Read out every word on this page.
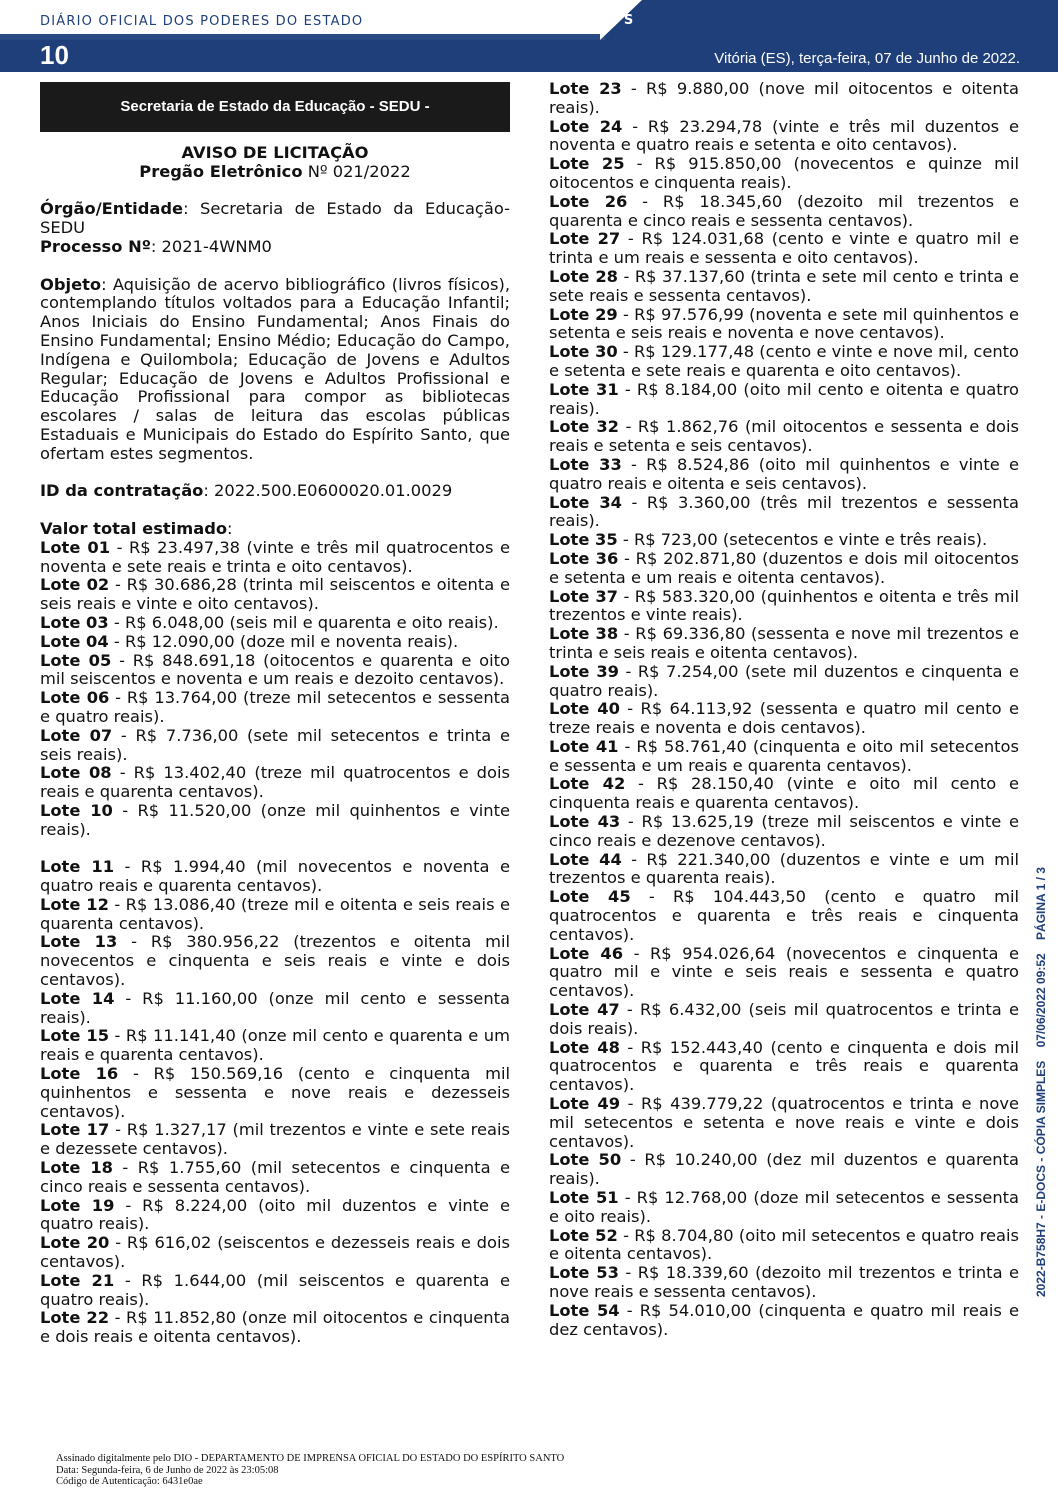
DIÁRIO OFICIAL DOS PODERES DO ESTADO	LICITAÇÕES
10	Vitória (ES), terça-feira, 07 de Junho de 2022.
Secretaria de Estado da Educação - SEDU -

AVISO DE LICITAÇÃO

Pregão Eletrônico Nº 021/2022

Órgão/Entidade: Secretaria de Estado da Educação-SEDU

Processo Nº: 2021-4WNM0

Objeto: Aquisição de acervo bibliográfico (livros físicos), contemplando títulos voltados para a Educação Infantil; Anos Iniciais do Ensino Fundamental; Anos Finais do Ensino Fundamental; Ensino Médio; Educação do Campo, Indígena e Quilombola; Educação de Jovens e Adultos Regular; Educação de Jovens e Adultos Profissional e Educação Profissional para compor as bibliotecas escolares / salas de leitura das escolas públicas Estaduais e Municipais do Estado do Espírito Santo, que ofertam estes segmentos.

ID da contratação: 2022.500.E0600020.01.0029

Valor total estimado:

Lote 01 - R$ 23.497,38 (vinte e três mil quatrocentos e noventa e sete reais e trinta e oito centavos).

Lote 02 - R$ 30.686,28 (trinta mil seiscentos e oitenta e seis reais e vinte e oito centavos).

Lote 03 - R$ 6.048,00 (seis mil e quarenta e oito reais).

Lote 04 - R$ 12.090,00 (doze mil e noventa reais).

Lote 05 - R$ 848.691,18 (oitocentos e quarenta e oito mil seiscentos e noventa e um reais e dezoito centavos).

Lote 06 - R$ 13.764,00 (treze mil setecentos e sessenta e quatro reais).

Lote 07 - R$ 7.736,00 (sete mil setecentos e trinta e seis reais).

Lote 08 - R$ 13.402,40 (treze mil quatrocentos e dois reais e quarenta centavos).

Lote 10 - R$ 11.520,00 (onze mil quinhentos e vinte reais).

Lote 11 - R$ 1.994,40 (mil novecentos e noventa e quatro reais e quarenta centavos).

Lote 12 - R$ 13.086,40 (treze mil e oitenta e seis reais e quarenta centavos).

Lote 13 - R$ 380.956,22 (trezentos e oitenta mil novecentos e cinquenta e seis reais e vinte e dois centavos).

Lote 14 - R$ 11.160,00 (onze mil cento e sessenta reais).

Lote 15 - R$ 11.141,40 (onze mil cento e quarenta e um reais e quarenta centavos).

Lote 16 - R$ 150.569,16 (cento e cinquenta mil quinhentos e sessenta e nove reais e dezesseis centavos).

Lote 17 - R$ 1.327,17 (mil trezentos e vinte e sete reais e dezessete centavos).

Lote 18 - R$ 1.755,60 (mil setecentos e cinquenta e cinco reais e sessenta centavos).

Lote 19 - R$ 8.224,00 (oito mil duzentos e vinte e quatro reais).

Lote 20 - R$ 616,02 (seiscentos e dezesseis reais e dois centavos).

Lote 21 - R$ 1.644,00 (mil seiscentos e quarenta e quatro reais).

Lote 22 - R$ 11.852,80 (onze mil oitocentos e cinquenta e dois reais e oitenta centavos).

Lote 23 - R$ 9.880,00 (nove mil oitocentos e oitenta reais).

Lote 24 - R$ 23.294,78 (vinte e três mil duzentos e noventa e quatro reais e setenta e oito centavos).

Lote 25 - R$ 915.850,00 (novecentos e quinze mil oitocentos e cinquenta reais).

Lote 26 - R$ 18.345,60 (dezoito mil trezentos e quarenta e cinco reais e sessenta centavos).

Lote 27 - R$ 124.031,68 (cento e vinte e quatro mil e trinta e um reais e sessenta e oito centavos).

Lote 28 - R$ 37.137,60 (trinta e sete mil cento e trinta e sete reais e sessenta centavos).

Lote 29 - R$ 97.576,99 (noventa e sete mil quinhentos e setenta e seis reais e noventa e nove centavos).

Lote 30 - R$ 129.177,48 (cento e vinte e nove mil, cento e setenta e sete reais e quarenta e oito centavos).

Lote 31 - R$ 8.184,00 (oito mil cento e oitenta e quatro reais).

Lote 32 - R$ 1.862,76 (mil oitocentos e sessenta e dois reais e setenta e seis centavos).

Lote 33 - R$ 8.524,86 (oito mil quinhentos e vinte e quatro reais e oitenta e seis centavos).

Lote 34 - R$ 3.360,00 (três mil trezentos e sessenta reais).

Lote 35 - R$ 723,00 (setecentos e vinte e três reais).

Lote 36 - R$ 202.871,80 (duzentos e dois mil oitocentos e setenta e um reais e oitenta centavos).

Lote 37 - R$ 583.320,00 (quinhentos e oitenta e três mil trezentos e vinte reais).

Lote 38 - R$ 69.336,80 (sessenta e nove mil trezentos e trinta e seis reais e oitenta centavos).

Lote 39 - R$ 7.254,00 (sete mil duzentos e cinquenta e quatro reais).

Lote 40 - R$ 64.113,92 (sessenta e quatro mil cento e treze reais e noventa e dois centavos).

Lote 41 - R$ 58.761,40 (cinquenta e oito mil setecentos e sessenta e um reais e quarenta centavos).

Lote 42 - R$ 28.150,40 (vinte e oito mil cento e cinquenta reais e quarenta centavos).

Lote 43 - R$ 13.625,19 (treze mil seiscentos e vinte e cinco reais e dezenove centavos).

Lote 44 - R$ 221.340,00 (duzentos e vinte e um mil trezentos e quarenta reais).

Lote 45 - R$ 104.443,50 (cento e quatro mil quatrocentos e quarenta e três reais e cinquenta centavos).

Lote 46 - R$ 954.026,64 (novecentos e cinquenta e quatro mil e vinte e seis reais e sessenta e quatro centavos).

Lote 47 - R$ 6.432,00 (seis mil quatrocentos e trinta e dois reais).

Lote 48 - R$ 152.443,40 (cento e cinquenta e dois mil quatrocentos e quarenta e três reais e quarenta centavos).

Lote 49 - R$ 439.779,22 (quatrocentos e trinta e nove mil setecentos e setenta e nove reais e vinte e dois centavos).

Lote 50 - R$ 10.240,00 (dez mil duzentos e quarenta reais).

Lote 51 - R$ 12.768,00 (doze mil setecentos e sessenta e oito reais).

Lote 52 - R$ 8.704,80 (oito mil setecentos e quatro reais e oitenta centavos).

Lote 53 - R$ 18.339,60 (dezoito mil trezentos e trinta e nove reais e sessenta centavos).

Lote 54 - R$ 54.010,00 (cinquenta e quatro mil reais e dez centavos).

2022-B758H7 - E-DOCS - CÓPIA SIMPLES    07/06/2022 09:52    PÁGINA 1 / 3
Assinado digitalmente pelo DIO - DEPARTAMENTO DE IMPRENSA OFICIAL DO ESTADO DO ESPÍRITO SANTO
Data: Segunda-feira, 6 de Junho de 2022 às 23:05:08
Código de Autenticação: 6431e0ae
